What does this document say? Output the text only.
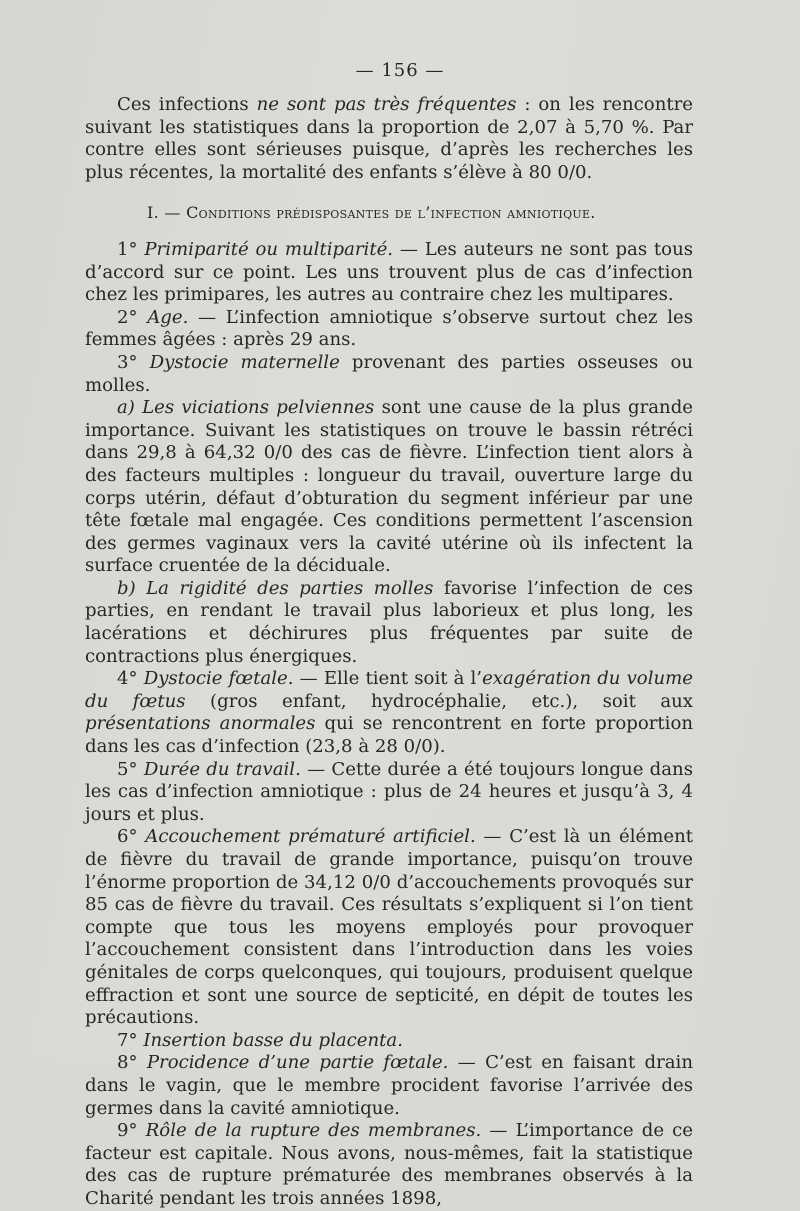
— 156 —

Ces infections ne sont pas très fréquentes : on les rencontre suivant les statistiques dans la proportion de 2,07 à 5,70 %. Par contre elles sont sérieuses puisque, d’après les recherches les plus récentes, la mortalité des enfants s’élève à 80 0/0.

I. — Conditions prédisposantes de l’infection amniotique.

1° Primiparité ou multiparité. — Les auteurs ne sont pas tous d’accord sur ce point. Les uns trouvent plus de cas d’infection chez les primipares, les autres au contraire chez les multipares.

2° Age. — L’infection amniotique s’observe surtout chez les femmes âgées : après 29 ans.

3° Dystocie maternelle provenant des parties osseuses ou molles.

a) Les viciations pelviennes sont une cause de la plus grande importance. Suivant les statistiques on trouve le bassin rétréci dans 29,8 à 64,32 0/0 des cas de fièvre. L’infection tient alors à des facteurs multiples : longueur du travail, ouverture large du corps utérin, défaut d’obturation du segment inférieur par une tête fœtale mal engagée. Ces conditions permettent l’ascension des germes vaginaux vers la cavité utérine où ils infectent la surface cruentée de la déciduale.

b) La rigidité des parties molles favorise l’infection de ces parties, en rendant le travail plus laborieux et plus long, les lacérations et déchirures plus fréquentes par suite de contractions plus énergiques.

4° Dystocie fœtale. — Elle tient soit à l’exagération du volume du fœtus (gros enfant, hydrocéphalie, etc.), soit aux présentations anormales qui se rencontrent en forte proportion dans les cas d’infection (23,8 à 28 0/0).

5° Durée du travail. — Cette durée a été toujours longue dans les cas d’infection amniotique : plus de 24 heures et jusqu’à 3, 4 jours et plus.

6° Accouchement prématuré artificiel. — C’est là un élément de fièvre du travail de grande importance, puisqu’on trouve l’énorme proportion de 34,12 0/0 d’accouchements provoqués sur 85 cas de fièvre du travail. Ces résultats s’expliquent si l’on tient compte que tous les moyens employés pour provoquer l’accouchement consistent dans l’introduction dans les voies génitales de corps quelconques, qui toujours, produisent quelque effraction et sont une source de septicité, en dépit de toutes les précautions.

7° Insertion basse du placenta.

8° Procidence d’une partie fœtale. — C’est en faisant drain dans le vagin, que le membre procident favorise l’arrivée des germes dans la cavité amniotique.

9° Rôle de la rupture des membranes. — L’importance de ce facteur est capitale. Nous avons, nous-mêmes, fait la statistique des cas de rupture prématurée des membranes observés à la Charité pendant les trois années 1898,
